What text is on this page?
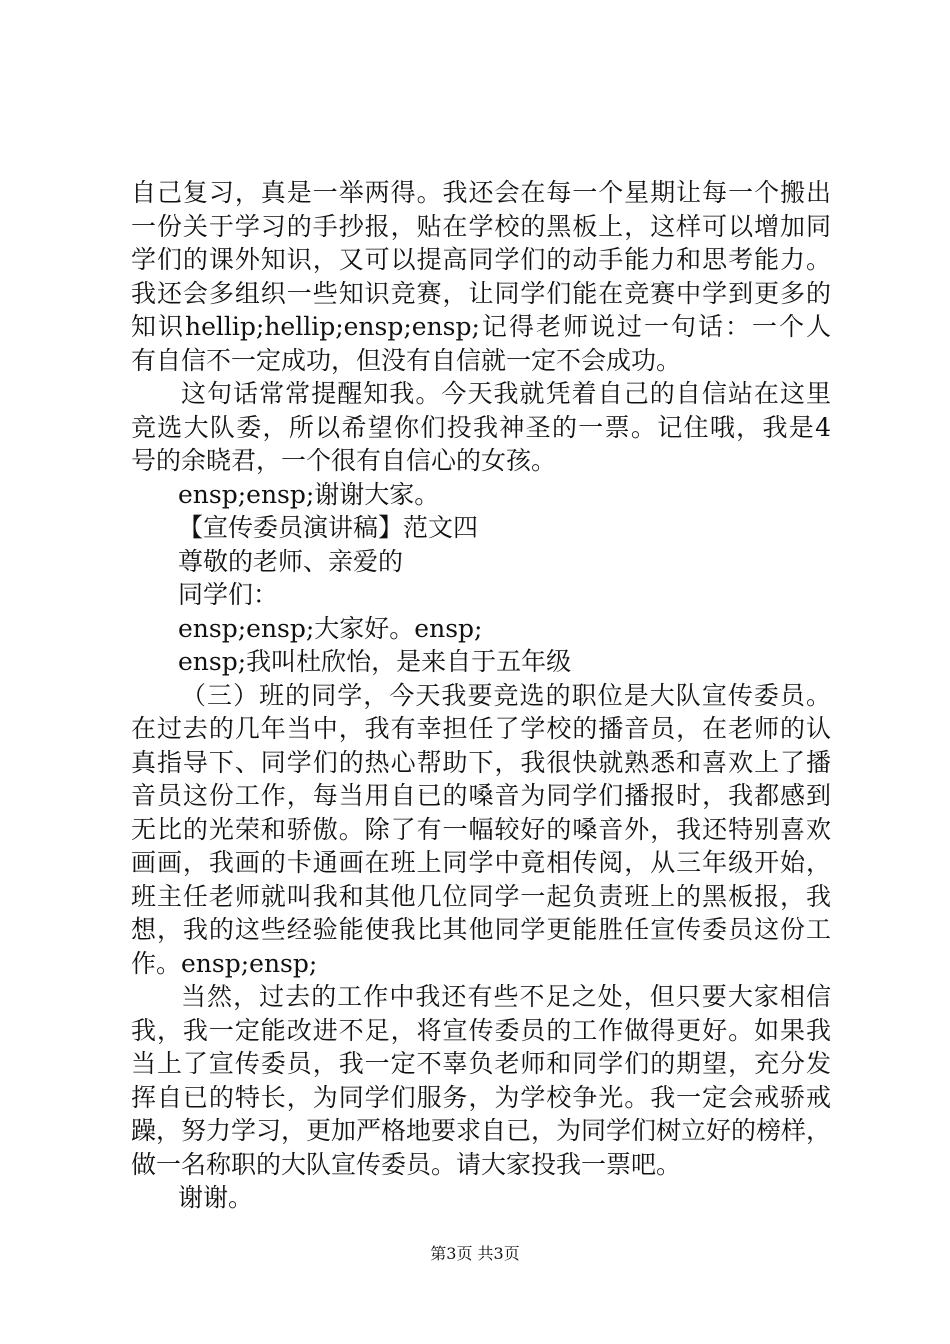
自己复习，真是一举两得。我还会在每一个星期让每一个搬出
一份关于学习的手抄报，贴在学校的黑板上，这样可以增加同
学们的课外知识，又可以提高同学们的动手能力和思考能力。
我还会多组织一些知识竞赛，让同学们能在竞赛中学到更多的
知识hellip;hellip;ensp;ensp;记得老师说过一句话：一个人
有自信不一定成功，但没有自信就一定不会成功。
这句话常常提醒知我。今天我就凭着自己的自信站在这里
竞选大队委，所以希望你们投我神圣的一票。记住哦，我是4
号的余晓君，一个很有自信心的女孩。
ensp;ensp;谢谢大家。
【宣传委员演讲稿】范文四
尊敬的老师、亲爱的
同学们：
ensp;ensp;大家好。ensp;
ensp;我叫杜欣怡，是来自于五年级
（三）班的同学，今天我要竞选的职位是大队宣传委员。
在过去的几年当中，我有幸担任了学校的播音员，在老师的认
真指导下、同学们的热心帮助下，我很快就熟悉和喜欢上了播
音员这份工作，每当用自已的嗓音为同学们播报时，我都感到
无比的光荣和骄傲。除了有一幅较好的嗓音外，我还特别喜欢
画画，我画的卡通画在班上同学中竟相传阅，从三年级开始，
班主任老师就叫我和其他几位同学一起负责班上的黑板报，我
想，我的这些经验能使我比其他同学更能胜任宣传委员这份工
作。ensp;ensp;
当然，过去的工作中我还有些不足之处，但只要大家相信
我，我一定能改进不足，将宣传委员的工作做得更好。如果我
当上了宣传委员，我一定不辜负老师和同学们的期望，充分发
挥自已的特长，为同学们服务，为学校争光。我一定会戒骄戒
躁，努力学习，更加严格地要求自已，为同学们树立好的榜样，
做一名称职的大队宣传委员。请大家投我一票吧。
谢谢。
第3页 共3页
